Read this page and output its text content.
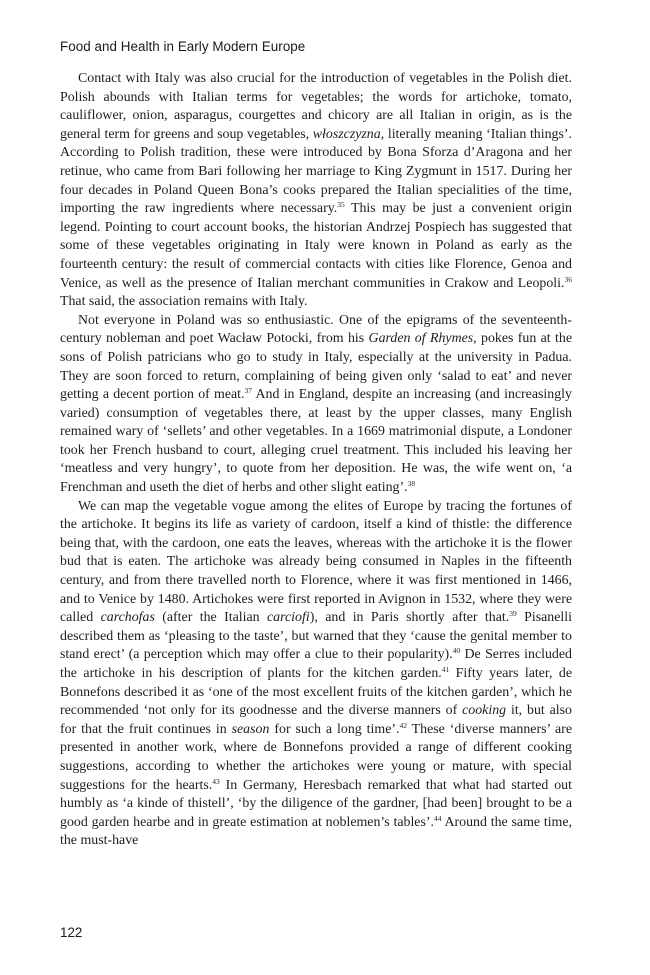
Food and Health in Early Modern Europe

Contact with Italy was also crucial for the introduction of vegetables in the Polish diet. Polish abounds with Italian terms for vegetables; the words for artichoke, tomato, cauliflower, onion, asparagus, courgettes and chicory are all Italian in origin, as is the general term for greens and soup vegetables, włoszczyzna, literally meaning ‘Italian things’. According to Polish tradition, these were introduced by Bona Sforza d’Aragona and her retinue, who came from Bari following her marriage to King Zygmunt in 1517. During her four decades in Poland Queen Bona’s cooks prepared the Italian specialities of the time, importing the raw ingredients where necessary.$^{35}$ This may be just a convenient origin legend. Pointing to court account books, the historian Andrzej Pospiech has suggested that some of these vegetables originating in Italy were known in Poland as early as the fourteenth century: the result of commercial contacts with cities like Florence, Genoa and Venice, as well as the presence of Italian merchant communities in Crakow and Leopoli.$^{36}$ That said, the association remains with Italy.

Not everyone in Poland was so enthusiastic. One of the epigrams of the seventeenth-century nobleman and poet Wacław Potocki, from his Garden of Rhymes, pokes fun at the sons of Polish patricians who go to study in Italy, especially at the university in Padua. They are soon forced to return, complaining of being given only ‘salad to eat’ and never getting a decent portion of meat.$^{37}$ And in England, despite an increasing (and increasingly varied) consumption of vegetables there, at least by the upper classes, many English remained wary of ‘sellets’ and other vegetables. In a 1669 matrimonial dispute, a Londoner took her French husband to court, alleging cruel treatment. This included his leaving her ‘meatless and very hungry’, to quote from her deposition. He was, the wife went on, ‘a Frenchman and useth the diet of herbs and other slight eating’.$^{38}$

We can map the vegetable vogue among the elites of Europe by tracing the fortunes of the artichoke. It begins its life as variety of cardoon, itself a kind of thistle: the difference being that, with the cardoon, one eats the leaves, whereas with the artichoke it is the flower bud that is eaten. The artichoke was already being consumed in Naples in the fifteenth century, and from there travelled north to Florence, where it was first mentioned in 1466, and to Venice by 1480. Artichokes were first reported in Avignon in 1532, where they were called carchofas (after the Italian carciofi), and in Paris shortly after that.$^{39}$ Pisanelli described them as ‘pleasing to the taste’, but warned that they ‘cause the genital member to stand erect’ (a perception which may offer a clue to their popularity).$^{40}$ De Serres included the artichoke in his description of plants for the kitchen garden.$^{41}$ Fifty years later, de Bonnefons described it as ‘one of the most excellent fruits of the kitchen garden’, which he recommended ‘not only for its goodnesse and the diverse manners of cooking it, but also for that the fruit continues in season for such a long time’.$^{42}$ These ‘diverse manners’ are presented in another work, where de Bonnefons provided a range of different cooking suggestions, according to whether the artichokes were young or mature, with special suggestions for the hearts.$^{43}$ In Germany, Heresbach remarked that what had started out humbly as ‘a kinde of thistell’, ‘by the diligence of the gardner, [had been] brought to be a good garden hearbe and in greate estimation at noblemen’s tables’.$^{44}$ Around the same time, the must-have

122
